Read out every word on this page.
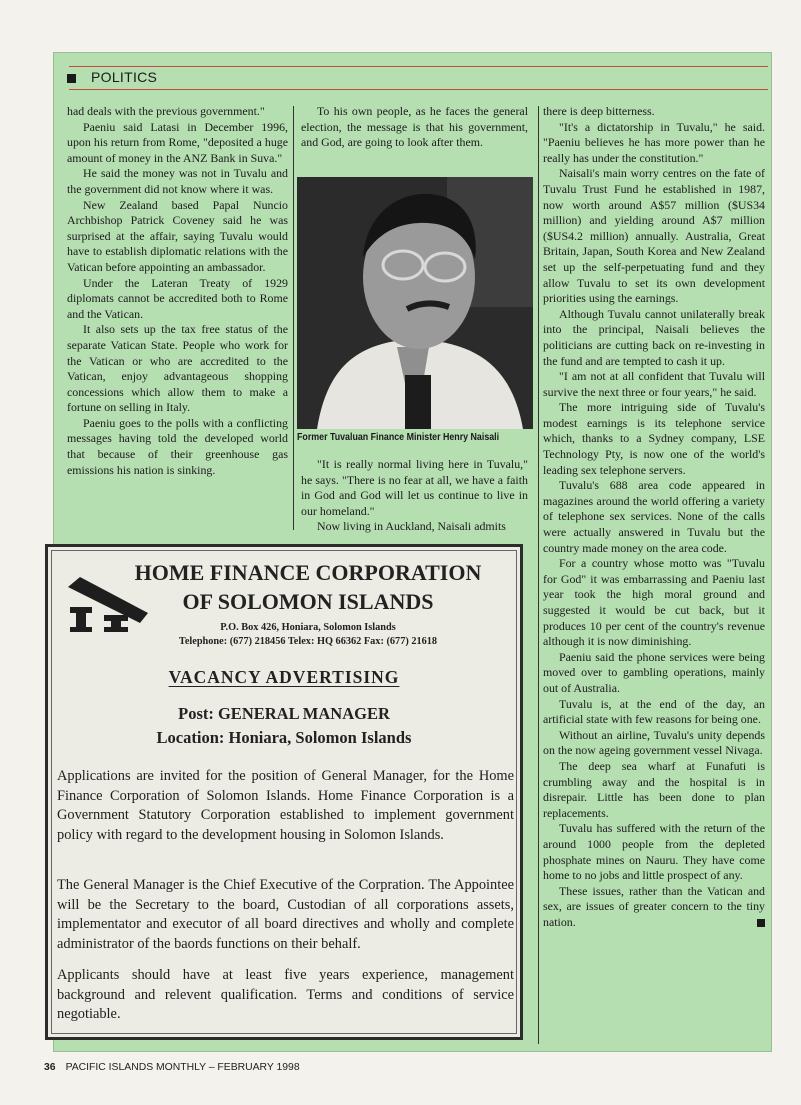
POLITICS

had deals with the previous government."

Paeniu said Latasi in December 1996, upon his return from Rome, "deposited a huge amount of money in the ANZ Bank in Suva."

He said the money was not in Tuvalu and the government did not know where it was.

New Zealand based Papal Nuncio Archbishop Patrick Coveney said he was surprised at the affair, saying Tuvalu would have to establish diplomatic relations with the Vatican before appointing an ambassador.

Under the Lateran Treaty of 1929 diplomats cannot be accredited both to Rome and the Vatican.

It also sets up the tax free status of the separate Vatican State. People who work for the Vatican or who are accredited to the Vatican, enjoy advantageous shopping concessions which allow them to make a fortune on selling in Italy.

Paeniu goes to the polls with a conflicting messages having told the developed world that because of their greenhouse gas emissions his nation is sinking.

To his own people, as he faces the general election, the message is that his government, and God, are going to look after them.

Former Tuvaluan Finance Minister Henry Naisali

"It is really normal living here in Tuvalu," he says. "There is no fear at all, we have a faith in God and God will let us continue to live in our homeland."

Now living in Auckland, Naisali admits

there is deep bitterness.

"It's a dictatorship in Tuvalu," he said. "Paeniu believes he has more power than he really has under the constitution."

Naisali's main worry centres on the fate of Tuvalu Trust Fund he established in 1987, now worth around A$57 million ($US34 million) and yielding around A$7 million ($US4.2 million) annually. Australia, Great Britain, Japan, South Korea and New Zealand set up the self-perpetuating fund and they allow Tuvalu to set its own development priorities using the earnings.

Although Tuvalu cannot unilaterally break into the principal, Naisali believes the politicians are cutting back on re-investing in the fund and are tempted to cash it up.

"I am not at all confident that Tuvalu will survive the next three or four years," he said.

The more intriguing side of Tuvalu's modest earnings is its telephone service which, thanks to a Sydney company, LSE Technology Pty, is now one of the world's leading sex telephone servers.

Tuvalu's 688 area code appeared in magazines around the world offering a variety of telephone sex services. None of the calls were actually answered in Tuvalu but the country made money on the area code.

For a country whose motto was "Tuvalu for God" it was embarrassing and Paeniu last year took the high moral ground and suggested it would be cut back, but it produces 10 per cent of the country's revenue although it is now diminishing.

Paeniu said the phone services were being moved over to gambling operations, mainly out of Australia.

Tuvalu is, at the end of the day, an artificial state with few reasons for being one.

Without an airline, Tuvalu's unity depends on the now ageing government vessel Nivaga.

The deep sea wharf at Funafuti is crumbling away and the hospital is in disrepair. Little has been done to plan replacements.

Tuvalu has suffered with the return of the around 1000 people from the depleted phosphate mines on Nauru. They have come home to no jobs and little prospect of any.

These issues, rather than the Vatican and sex, are issues of greater concern to the tiny nation.

HOME FINANCE CORPORATION
OF SOLOMON ISLANDS
P.O. Box 426, Honiara, Solomon Islands
Telephone: (677) 218456 Telex: HQ 66362 Fax: (677) 21618
VACANCY ADVERTISING
Post: GENERAL MANAGER
Location: Honiara, Solomon Islands
Applications are invited for the position of General Manager, for the Home Finance Corporation of Solomon Islands. Home Finance Corporation is a Government Statutory Corporation established to implement government policy with regard to the development housing in Solomon Islands.
The General Manager is the Chief Executive of the Corpration. The Appointee will be the Secretary to the board, Custodian of all corporations assets, implementator and executor of all board directives and wholly and complete administrator of the baords functions on their behalf.
Applicants should have at least five years experience, management background and relevent qualification. Terms and conditions of service negotiable.
36 PACIFIC ISLANDS MONTHLY – FEBRUARY 1998
